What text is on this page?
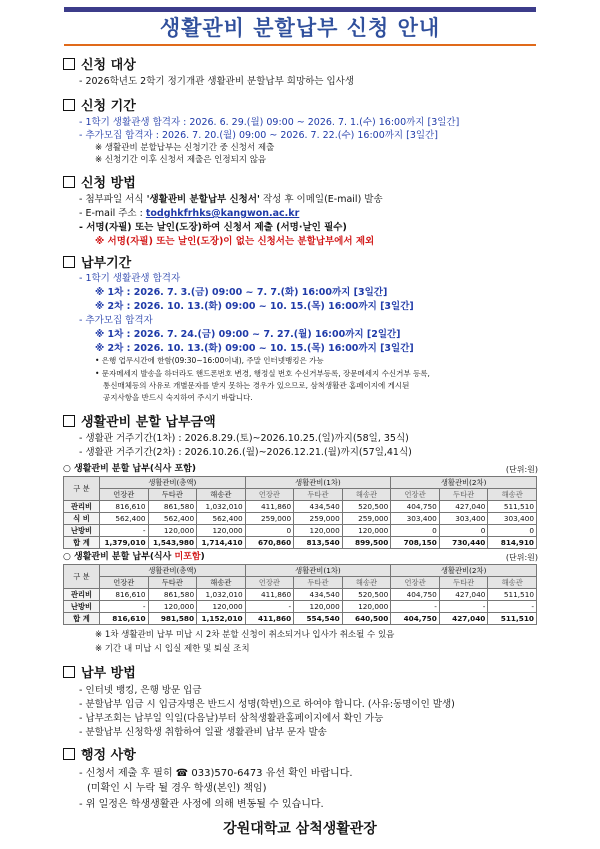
생활관비 분할납부 신청 안내
신청 대상
- 2026학년도 2학기 정기개관 생활관비 분할납부 희망하는 입사생
신청 기간
- 1학기 생활관생 합격자 : 2026. 6. 29.(월) 09:00 ~ 2026. 7. 1.(수) 16:00까지 [3일간]
- 추가모집 합격자 : 2026. 7. 20.(월) 09:00 ~ 2026. 7. 22.(수) 16:00까지 [3일간]
※ 생활관비 분할납부는 신청기간 중 신청서 제출
※ 신청기간 이후 신청서 제출은 인정되지 않음
신청 방법
- 첨부파일 서식 '생활관비 분할납부 신청서' 작성 후 이메일(E-mail) 발송
- E-mail 주소 : todghkfrhks@kangwon.ac.kr
- 서명(자필) 또는 날인(도장)하여 신청서 제출 (서명·날인 필수)
※ 서명(자필) 또는 날인(도장)이 없는 신청서는 분할납부에서 제외
납부기간
- 1학기 생활관생 합격자
※ 1차 : 2026. 7. 3.(금) 09:00 ~ 7. 7.(화) 16:00까지 [3일간]
※ 2차 : 2026. 10. 13.(화) 09:00 ~ 10. 15.(목) 16:00까지 [3일간]
- 추가모집 합격자
※ 1차 : 2026. 7. 24.(금) 09:00 ~ 7. 27.(월) 16:00까지 [2일간]
※ 2차 : 2026. 10. 13.(화) 09:00 ~ 10. 15.(목) 16:00까지 [3일간]
• 은행 업무시간에 한함(09:30~16:00이내), 주말 인터넷뱅킹은 가능
• 문자메세지 발송을 하더라도 핸드폰번호 변경, 행정실 번호 수신거부등록, 장문메세지 수신거부 등록,
통신매체등의 사유로 개별문자를 받지 못하는 경우가 있으므로, 삼척생활관 홈페이지에 게시된
공지사항을 반드시 숙지하여 주시기 바랍니다.
생활관비 분할 납부금액
- 생활관 거주기간(1차) : 2026.8.29.(토)~2026.10.25.(일)까지(58일, 35식)
- 생활관 거주기간(2차) : 2026.10.26.(월)~2026.12.21.(월)까지(57일,41식)
○ 생활관비 분할 납부(식사 포함)	(단위:원)
구 분	생활관비(총액)			생활관비(1차)			생활관비(2차)		
	언장관	두타관	해송관	언장관	두타관	해송관	언장관	두타관	해송관
관리비	816,610	861,580	1,032,010	411,860	434,540	520,500	404,750	427,040	511,510
식 비	562,400	562,400	562,400	259,000	259,000	259,000	303,400	303,400	303,400
난방비	-	120,000	120,000	0	120,000	120,000	0	0	0
합 계	1,379,010	1,543,980	1,714,410	670,860	813,540	899,500	708,150	730,440	814,910
○ 생활관비 분할 납부(식사 미포함)	(단위:원)
구 분	생활관비(총액)			생활관비(1차)			생활관비(2차)		
	언장관	두타관	해송관	언장관	두타관	해송관	언장관	두타관	해송관
관리비	816,610	861,580	1,032,010	411,860	434,540	520,500	404,750	427,040	511,510
난방비	-	120,000	120,000	-	120,000	120,000	-	-	-
합 계	816,610	981,580	1,152,010	411,860	554,540	640,500	404,750	427,040	511,510
※ 1차 생활관비 납부 미납 시 2차 분할 신청이 취소되거나 입사가 취소될 수 있음
※ 기간 내 미납 시 입실 제한 및 퇴실 조치
납부 방법
- 인터넷 뱅킹, 은행 방문 입금
- 분할납부 입금 시 입금자명은 반드시 성명(학번)으로 하여야 합니다. (사유:동명이인 발생)
- 납부조회는 납부일 익일(다음날)부터 삼척생활관홈페이지에서 확인 가능
- 분할납부 신청학생 취합하여 일괄 생활관비 납부 문자 발송
행정 사항
- 신청서 제출 후 필히 ☎ 033)570-6473 유선 확인 바랍니다.
(미확인 시 누락 될 경우 학생(본인) 책임)
- 위 일정은 학생생활관 사정에 의해 변동될 수 있습니다.
강원대학교 삼척생활관장
